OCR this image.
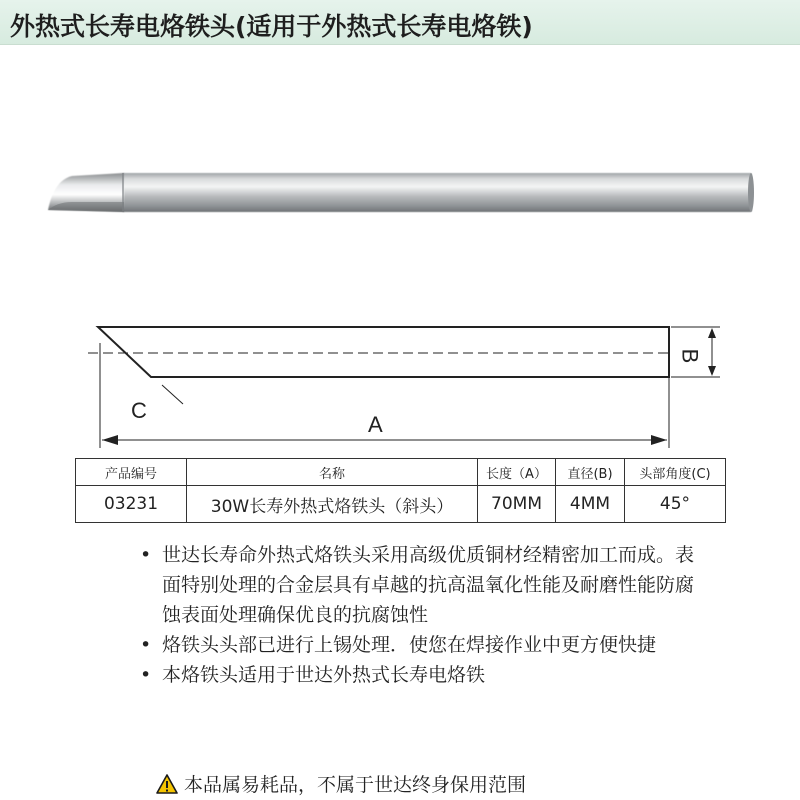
外热式长寿电烙铁头(适用于外热式长寿电烙铁)
C
A
B
产品编号	名称	长度（A）	直径(B)	头部角度(C)
03231	30W长寿外热式烙铁头（斜头）	70MM	4MM	45°
• 世达长寿命外热式烙铁头采用高级优质铜材经精密加工而成。表面特别处理的合金层具有卓越的抗高温氧化性能及耐磨性能防腐蚀表面处理确保优良的抗腐蚀性
• 烙铁头头部已进行上锡处理．使您在焊接作业中更方便快捷
• 本烙铁头适用于世达外热式长寿电烙铁
本品属易耗品，不属于世达终身保用范围
